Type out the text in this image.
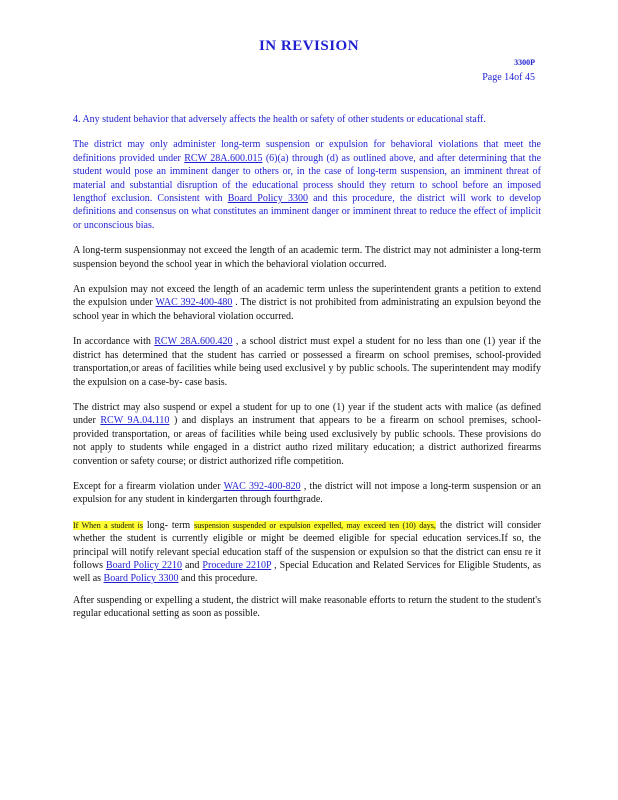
IN REVISION
3300P
Page 14of 45

4. Any student behavior that adversely affects the health or safety of other students or educational staff.

The district may only administer long-term suspension or expulsion for behavioral violations that meet the definitions provided under RCW 28A.600.015 (6)(a) through (d) as outlined above, and after determining that the student would pose an imminent danger to others or, in the case of long-term suspension, an imminent threat of material and substantial disruption of the educational process should they return to school before an imposed lengthof exclusion. Consistent with Board Policy 3300 and this procedure, the district will work to develop definitions and consensus on what constitutes an imminent danger or imminent threat to reduce the effect of implicit or unconscious bias.

A long-term suspensionmay not exceed the length of an academic term. The district may not administer a long-term suspension beyond the school year in which the behavioral violation occurred.

An expulsion may not exceed the length of an academic term unless the superintendent grants a petition to extend the expulsion under WAC 392-400-480 . The district is not prohibited from administrating an expulsion beyond the school year in which the behavioral violation occurred.

In accordance with RCW 28A.600.420 , a school district must expel a student for no less than one (1) year if the district has determined that the student has carried or possessed a firearm on school premises, school-provided transportation,or areas of facilities while being used exclusivel y by public schools. The superintendent may modify the expulsion on a case-by- case basis.

The district may also suspend or expel a student for up to one (1) year if the student acts with malice (as defined under RCW 9A.04.110 ) and displays an instrument that appears to be a firearm on school premises, school-provided transportation, or areas of facilities while being used exclusively by public schools. These provisions do not apply to students while engaged in a district autho rized military education; a district authorized firearms convention or safety course; or district authorized rifle competition.

Except for a firearm violation under WAC 392-400-820 , the district will not impose a long-term suspension or an expulsion for any student in kindergarten through fourthgrade.

If When a student is long- term suspension suspended or expulsion expelled, may exceed ten (10) days, the district will consider whether the student is currently eligible or might be deemed eligible for special education services.If so, the principal will notify relevant special education staff of the suspension or expulsion so that the district can ensu re it follows Board Policy 2210 and Procedure 2210P , Special Education and Related Services for Eligible Students, as well as Board Policy 3300 and this procedure.

After suspending or expelling a student, the district will make reasonable efforts to return the student to the student's regular educational setting as soon as possible.
